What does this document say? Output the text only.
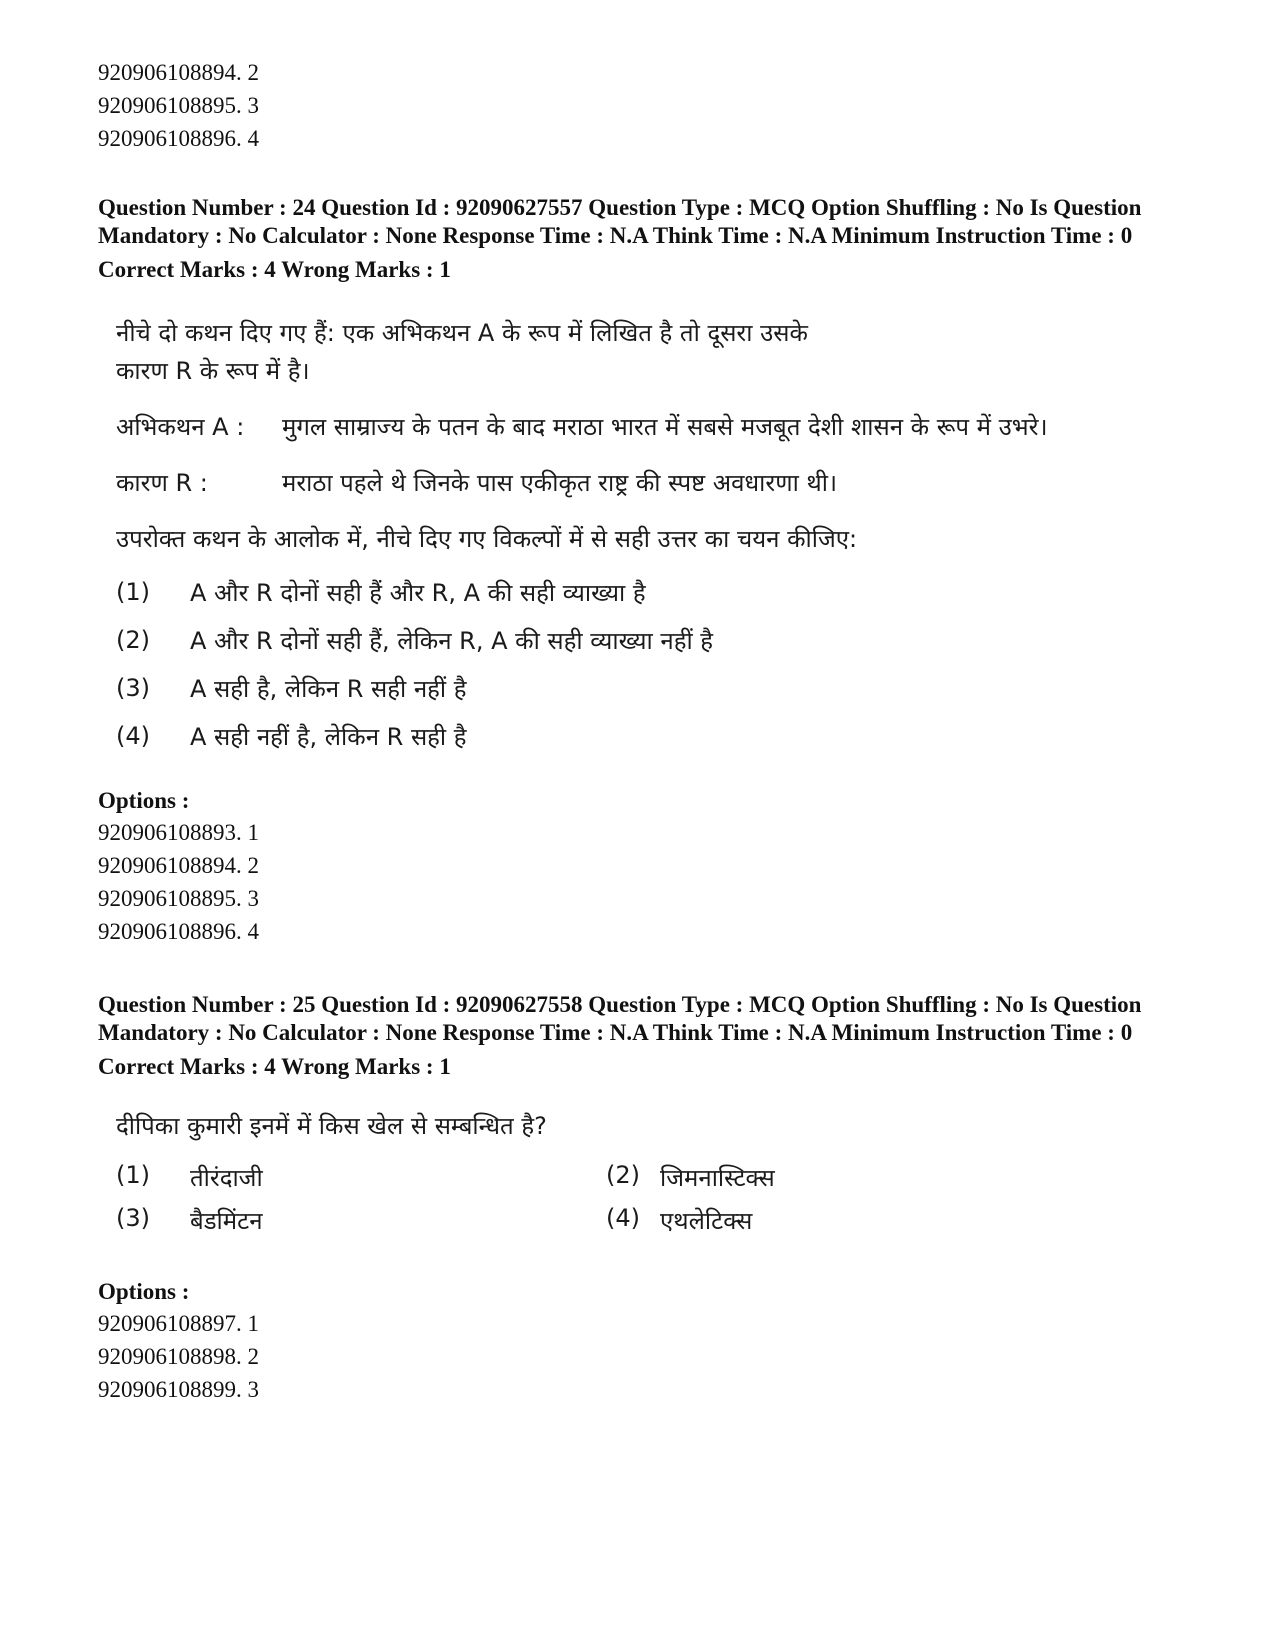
920906108894. 2
920906108895. 3
920906108896. 4
Question Number : 24 Question Id : 92090627557 Question Type : MCQ Option Shuffling : No Is Question Mandatory : No Calculator : None Response Time : N.A Think Time : N.A Minimum Instruction Time : 0
Correct Marks : 4 Wrong Marks : 1
नीचे दो कथन दिए गए हैं: एक अभिकथन A के रूप में लिखित है तो दूसरा उसके
कारण R के रूप में है।
अभिकथन A :	मुगल साम्राज्य के पतन के बाद मराठा भारत में सबसे मजबूत देशी शासन के रूप में उभरे।
कारण R :	मराठा पहले थे जिनके पास एकीकृत राष्ट्र की स्पष्ट अवधारणा थी।
उपरोक्त कथन के आलोक में, नीचे दिए गए विकल्पों में से सही उत्तर का चयन कीजिए:
(1)	A और R दोनों सही हैं और R, A की सही व्याख्या है
(2)	A और R दोनों सही हैं, लेकिन R, A की सही व्याख्या नहीं है
(3)	A सही है, लेकिन R सही नहीं है
(4)	A सही नहीं है, लेकिन R सही है
Options :
920906108893. 1
920906108894. 2
920906108895. 3
920906108896. 4
Question Number : 25 Question Id : 92090627558 Question Type : MCQ Option Shuffling : No Is Question Mandatory : No Calculator : None Response Time : N.A Think Time : N.A Minimum Instruction Time : 0
Correct Marks : 4 Wrong Marks : 1
दीपिका कुमारी इनमें में किस खेल से सम्बन्धित है?
(1)	तीरंदाजी	(2) जिमनास्टिक्स
(3)	बैडमिंटन	(4) एथलेटिक्स
Options :
920906108897. 1
920906108898. 2
920906108899. 3
